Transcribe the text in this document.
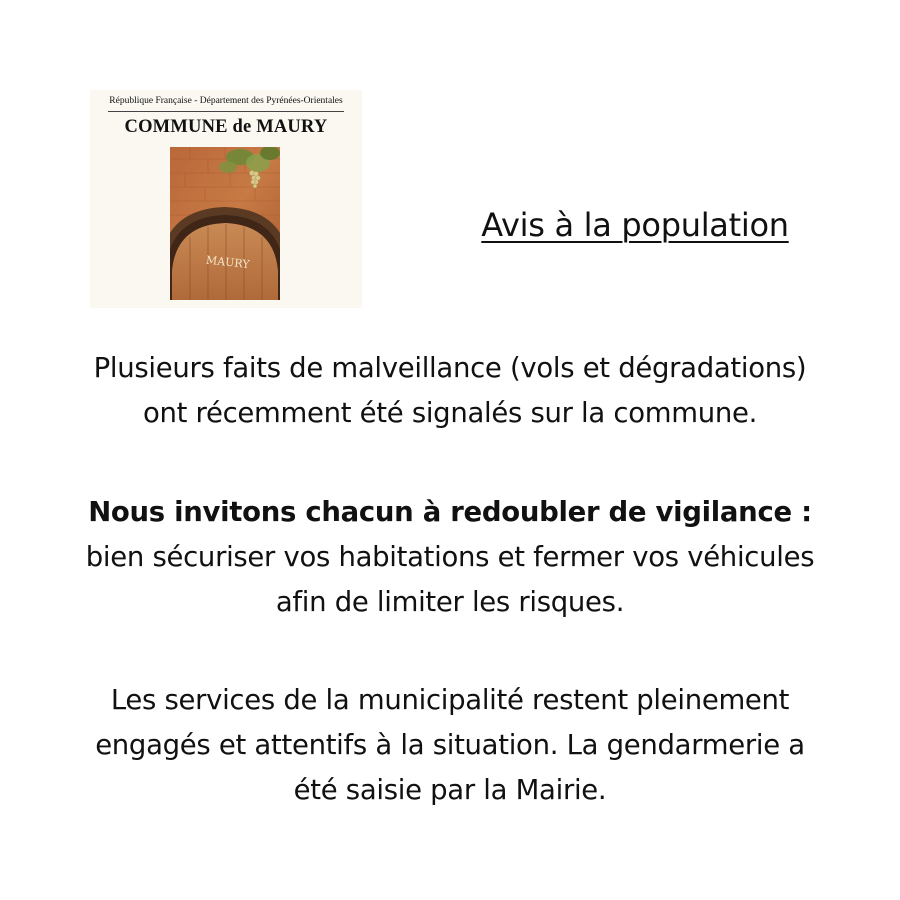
République Française - Département des Pyrénées-Orientales
COMMUNE de MAURY
MAURY
Avis à la population
Plusieurs faits de malveillance (vols et dégradations)
ont récemment été signalés sur la commune.
Nous invitons chacun à redoubler de vigilance :
bien sécuriser vos habitations et fermer vos véhicules
afin de limiter les risques.
Les services de la municipalité restent pleinement
engagés et attentifs à la situation. La gendarmerie a
été saisie par la Mairie.
